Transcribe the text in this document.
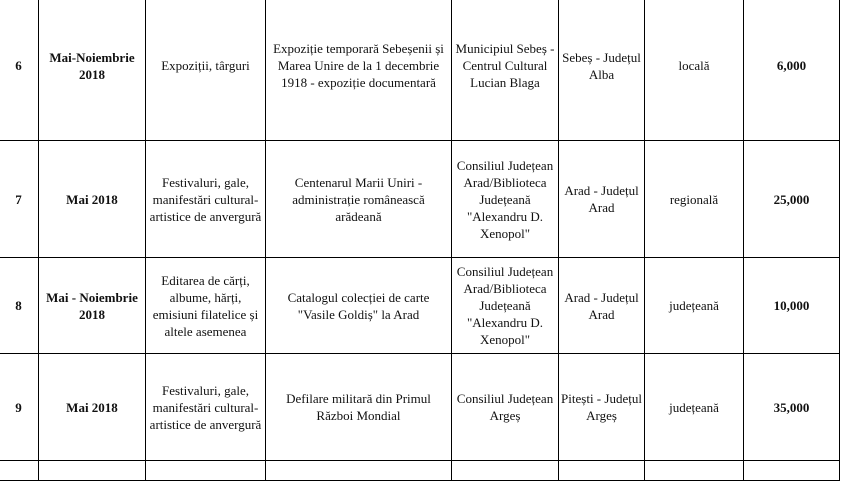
6	Mai-Noiembrie 2018	Expoziții, târguri	Expoziție temporară Sebeșenii și Marea Unire de la 1 decembrie 1918 - expoziție documentară	Municipiul Sebeș - Centrul Cultural Lucian Blaga	Sebeș - Județul Alba	locală	6,000
7	Mai 2018	Festivaluri, gale, manifestări cultural-artistice de anvergură	Centenarul Marii Uniri - administrație românească arădeană	Consiliul Județean Arad/Biblioteca Județeană "Alexandru D. Xenopol"	Arad - Județul Arad	regională	25,000
8	Mai - Noiembrie 2018	Editarea de cărți, albume, hărți, emisiuni filatelice și altele asemenea	Catalogul colecției de carte "Vasile Goldiș" la Arad	Consiliul Județean Arad/Biblioteca Județeană "Alexandru D. Xenopol"	Arad - Județul Arad	județeană	10,000
9	Mai 2018	Festivaluri, gale, manifestări cultural-artistice de anvergură	Defilare militară din Primul Război Mondial	Consiliul Județean Argeș	Pitești - Județul Argeș	județeană	35,000
